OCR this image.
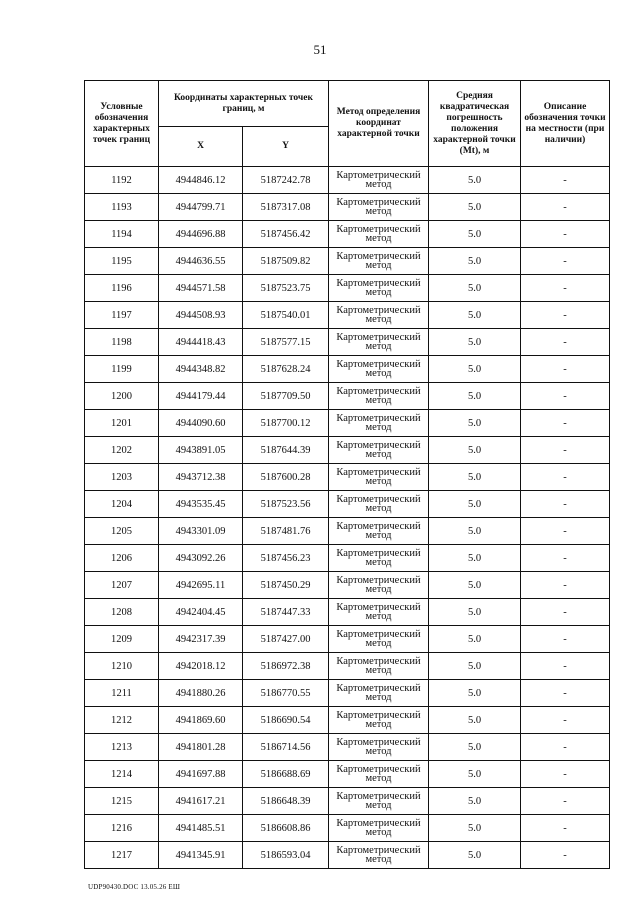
51
Условные обозначения характерных точек границ	Координаты характерных точек границ, м		Метод определения координат характерной точки	Средняя квадратическая погрешность положения характерной точки (Mt), м	Описание обозначения точки на местности (при наличии)
	X	Y			
1192	4944846.12	5187242.78	Картометрический метод	5.0	-
1193	4944799.71	5187317.08	Картометрический метод	5.0	-
1194	4944696.88	5187456.42	Картометрический метод	5.0	-
1195	4944636.55	5187509.82	Картометрический метод	5.0	-
1196	4944571.58	5187523.75	Картометрический метод	5.0	-
1197	4944508.93	5187540.01	Картометрический метод	5.0	-
1198	4944418.43	5187577.15	Картометрический метод	5.0	-
1199	4944348.82	5187628.24	Картометрический метод	5.0	-
1200	4944179.44	5187709.50	Картометрический метод	5.0	-
1201	4944090.60	5187700.12	Картометрический метод	5.0	-
1202	4943891.05	5187644.39	Картометрический метод	5.0	-
1203	4943712.38	5187600.28	Картометрический метод	5.0	-
1204	4943535.45	5187523.56	Картометрический метод	5.0	-
1205	4943301.09	5187481.76	Картометрический метод	5.0	-
1206	4943092.26	5187456.23	Картометрический метод	5.0	-
1207	4942695.11	5187450.29	Картометрический метод	5.0	-
1208	4942404.45	5187447.33	Картометрический метод	5.0	-
1209	4942317.39	5187427.00	Картометрический метод	5.0	-
1210	4942018.12	5186972.38	Картометрический метод	5.0	-
1211	4941880.26	5186770.55	Картометрический метод	5.0	-
1212	4941869.60	5186690.54	Картометрический метод	5.0	-
1213	4941801.28	5186714.56	Картометрический метод	5.0	-
1214	4941697.88	5186688.69	Картометрический метод	5.0	-
1215	4941617.21	5186648.39	Картометрический метод	5.0	-
1216	4941485.51	5186608.86	Картометрический метод	5.0	-
1217	4941345.91	5186593.04	Картометрический метод	5.0	-
UDP90430.DOC 13.05.26 ЕШ
